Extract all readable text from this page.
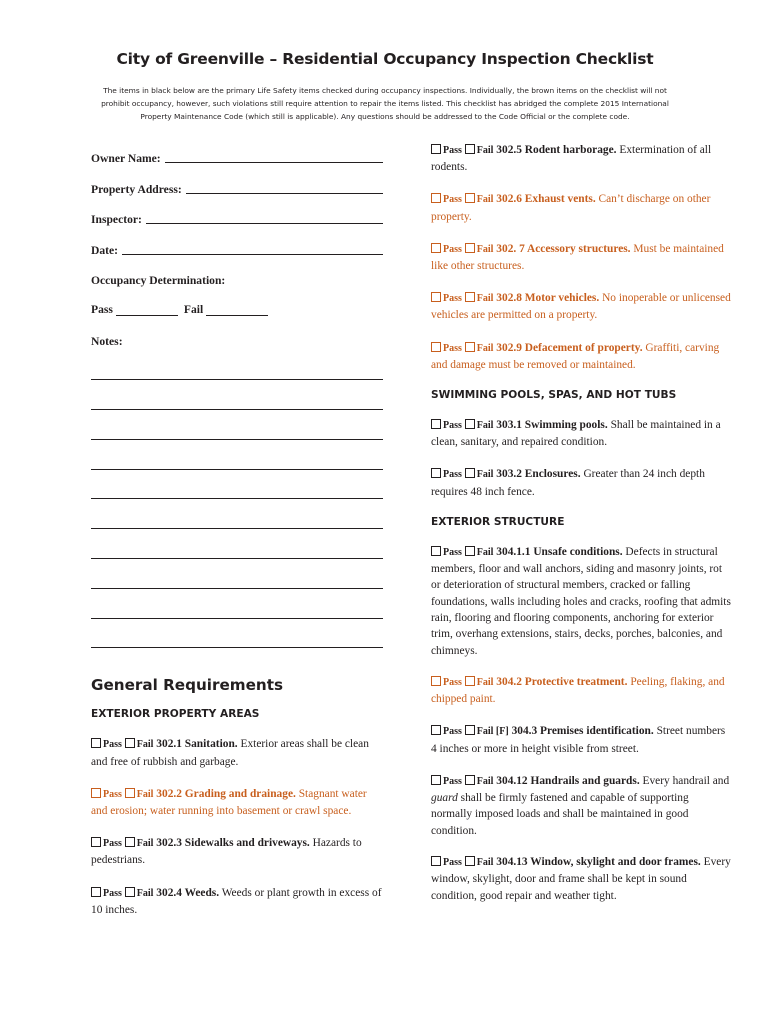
City of Greenville – Residential Occupancy Inspection Checklist
The items in black below are the primary Life Safety items checked during occupancy inspections. Individually, the brown items on the checklist will not prohibit occupancy, however, such violations still require attention to repair the items listed. This checklist has abridged the complete 2015 International Property Maintenance Code (which still is applicable). Any questions should be addressed to the Code Official or the complete code.
Owner Name:
Property Address:
Inspector:
Date:
Occupancy Determination:
Pass	Fail
Notes:
General Requirements
EXTERIOR PROPERTY AREAS
Pass Fail 302.1 Sanitation. Exterior areas shall be clean and free of rubbish and garbage.
Pass Fail 302.2 Grading and drainage. Stagnant water and erosion; water running into basement or crawl space.
Pass Fail 302.3 Sidewalks and driveways. Hazards to pedestrians.
Pass Fail 302.4 Weeds. Weeds or plant growth in excess of 10 inches.
Pass Fail 302.5 Rodent harborage. Extermination of all rodents.
Pass Fail 302.6 Exhaust vents. Can’t discharge on other property.
Pass Fail 302. 7 Accessory structures. Must be maintained like other structures.
Pass Fail 302.8 Motor vehicles. No inoperable or unlicensed vehicles are permitted on a property.
Pass Fail 302.9 Defacement of property. Graffiti, carving and damage must be removed or maintained.
SWIMMING POOLS, SPAS, AND HOT TUBS
Pass Fail 303.1 Swimming pools. Shall be maintained in a clean, sanitary, and repaired condition.
Pass Fail 303.2 Enclosures. Greater than 24 inch depth requires 48 inch fence.
EXTERIOR STRUCTURE
Pass Fail 304.1.1 Unsafe conditions. Defects in structural members, floor and wall anchors, siding and masonry joints, rot or deterioration of structural members, cracked or falling foundations, walls including holes and cracks, roofing that admits rain, flooring and flooring components, anchoring for exterior trim, overhang extensions, stairs, decks, porches, balconies, and chimneys.
Pass Fail 304.2 Protective treatment. Peeling, flaking, and chipped paint.
Pass Fail [F] 304.3 Premises identification. Street numbers 4 inches or more in height visible from street.
Pass Fail 304.12 Handrails and guards. Every handrail and guard shall be firmly fastened and capable of supporting normally imposed loads and shall be maintained in good condition.
Pass Fail 304.13 Window, skylight and door frames. Every window, skylight, door and frame shall be kept in sound condition, good repair and weather tight.
